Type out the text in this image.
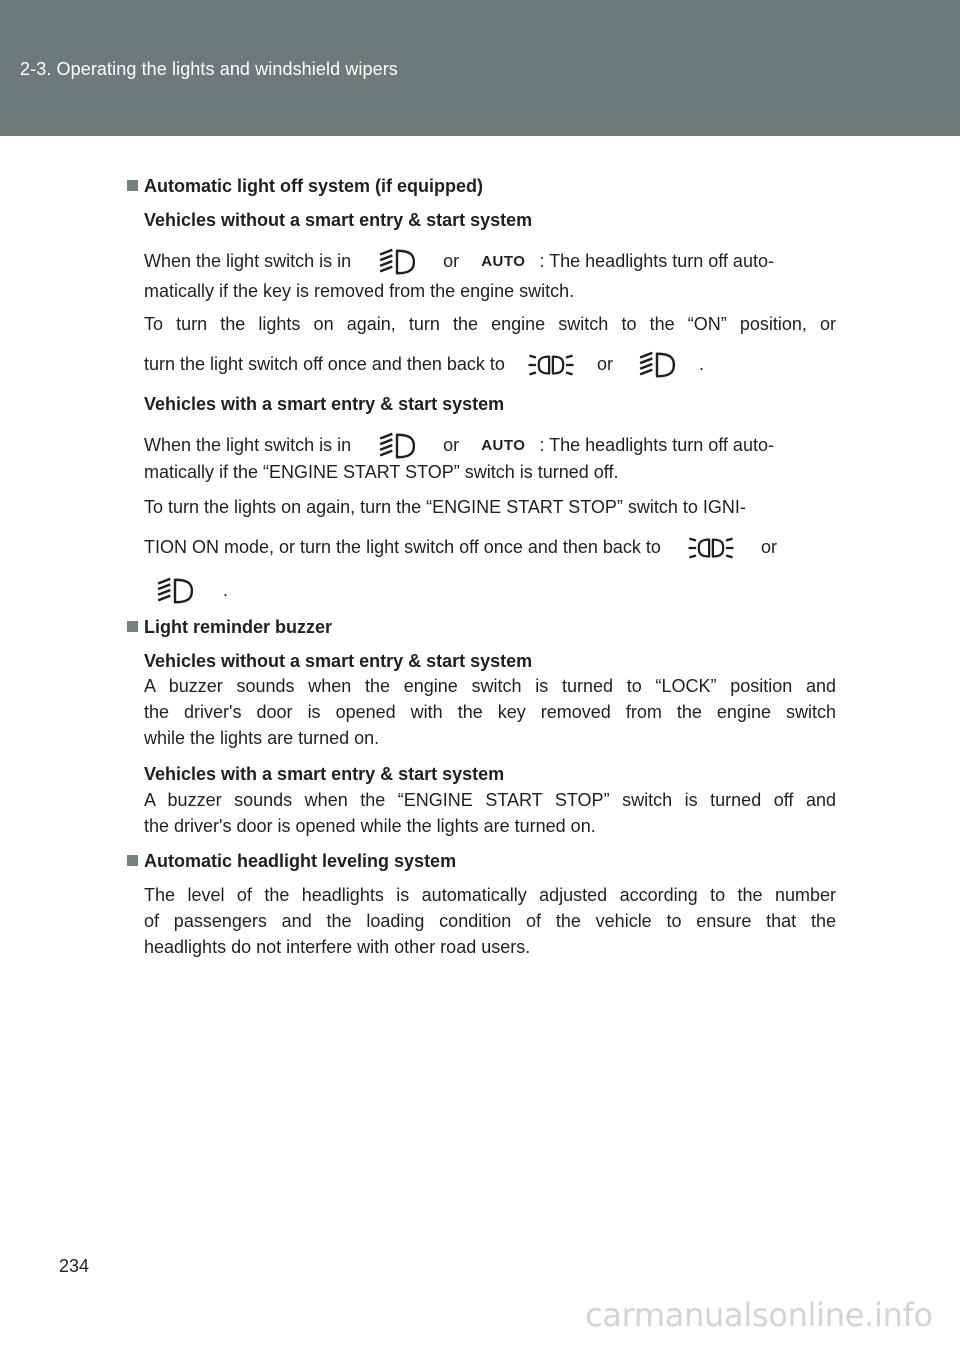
2-3. Operating the lights and windshield wipers
Automatic light off system (if equipped)
Vehicles without a smart entry & start system
When the light switch is in	or AUTO : The headlights turn off auto-
matically if the key is removed from the engine switch.
To turn the lights on again, turn the engine switch to the “ON” position, or
turn the light switch off once and then back to	or	.
Vehicles with a smart entry & start system
When the light switch is in	or AUTO : The headlights turn off auto-
matically if the “ENGINE START STOP” switch is turned off.
To turn the lights on again, turn the “ENGINE START STOP” switch to IGNI-
TION ON mode, or turn the light switch off once and then back to	or
.
Light reminder buzzer
Vehicles without a smart entry & start system
A buzzer sounds when the engine switch is turned to “LOCK” position and
the driver's door is opened with the key removed from the engine switch
while the lights are turned on.
Vehicles with a smart entry & start system
A buzzer sounds when the “ENGINE START STOP” switch is turned off and
the driver's door is opened while the lights are turned on.
Automatic headlight leveling system
The level of the headlights is automatically adjusted according to the number
of passengers and the loading condition of the vehicle to ensure that the
headlights do not interfere with other road users.
234
carmanualsonline.info
